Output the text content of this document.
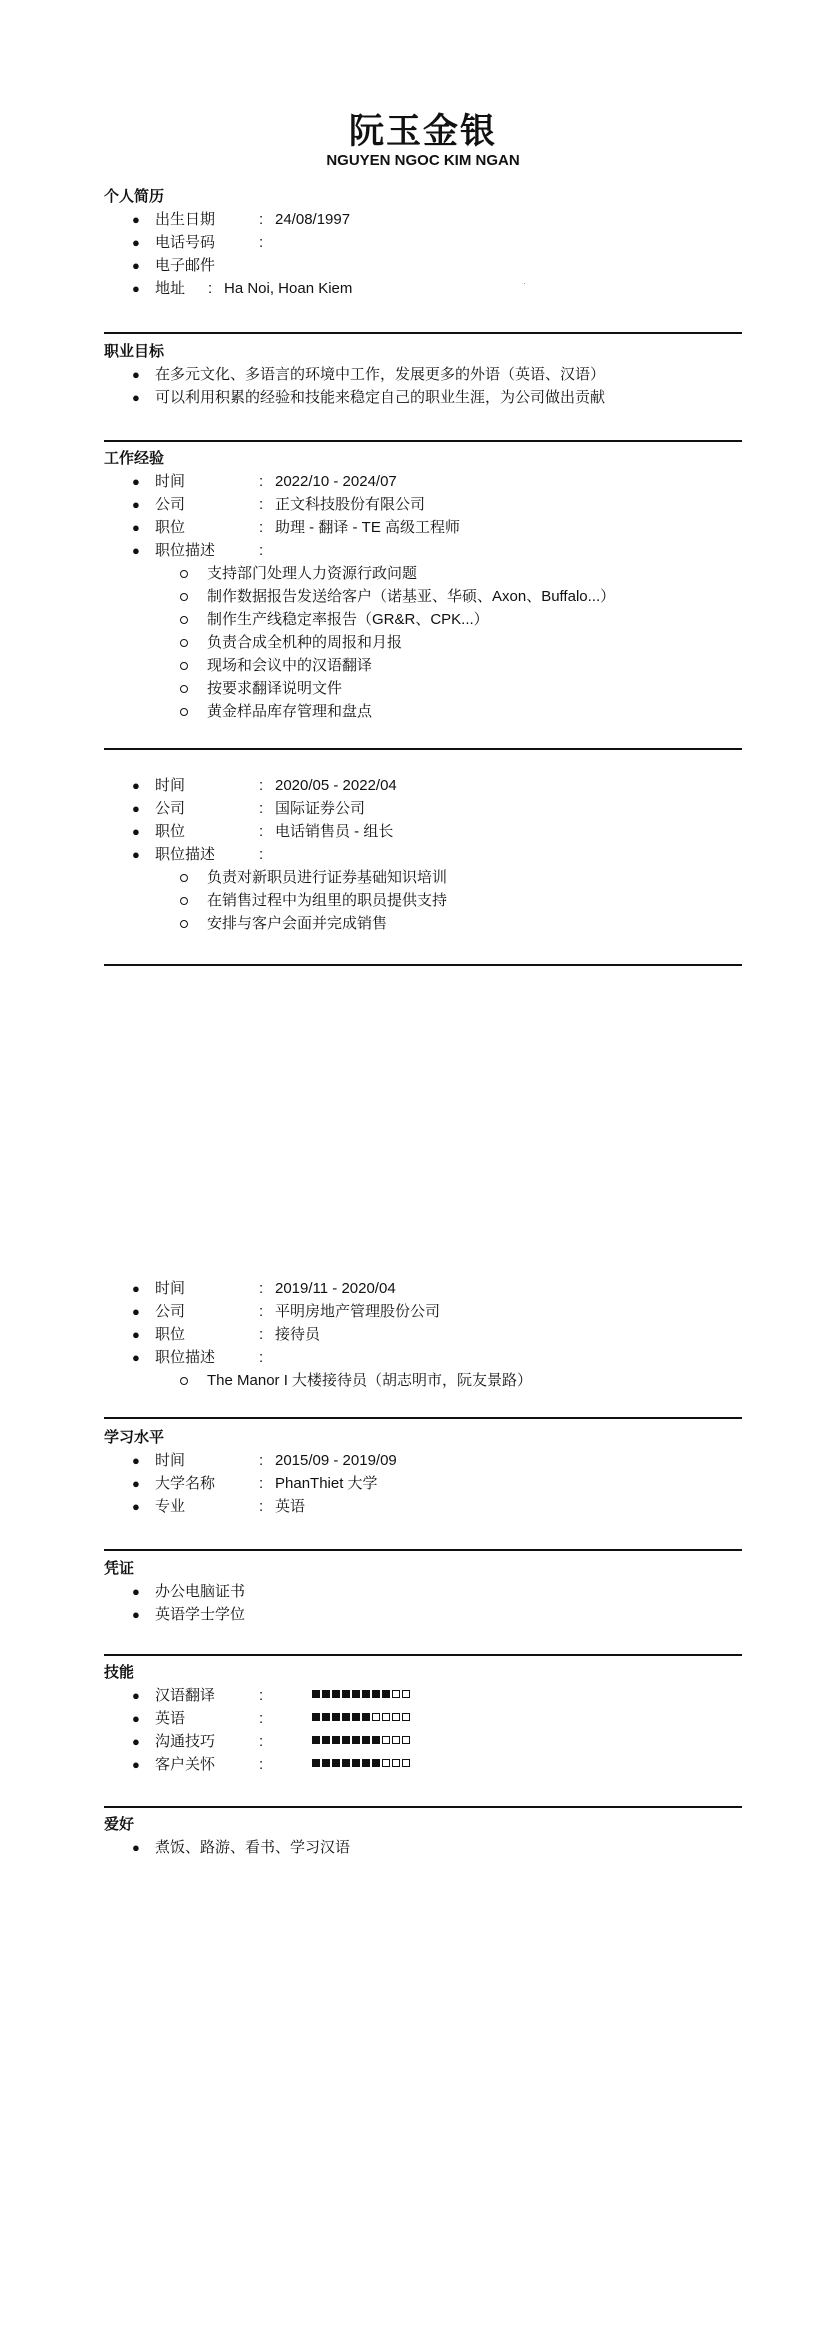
阮玉金银
NGUYEN NGOC KIM NGAN
个人简历
● 出生日期	: 24/08/1997
● 电话号码	:
● 电子邮件
● 地址 : Ha Noi, Hoan Kiem
职业目标
● 在多元文化、多语言的环境中工作，发展更多的外语（英语、汉语）
● 可以利用积累的经验和技能来稳定自己的职业生涯，为公司做出贡献
工作经验
● 时间	: 2022/10 - 2024/07
● 公司	: 正文科技股份有限公司
● 职位	: 助理 - 翻译 - TE 高级工程师
● 职位描述	:
支持部门处理人力资源行政问题
制作数据报告发送给客户（诺基亚、华硕、Axon、Buffalo...）
制作生产线稳定率报告（GR&R、CPK...）
负责合成全机种的周报和月报
现场和会议中的汉语翻译
按要求翻译说明文件
黄金样品库存管理和盘点
● 时间	: 2020/05 - 2022/04
● 公司	: 国际证券公司
● 职位	: 电话销售员 - 组长
● 职位描述	:
负责对新职员进行证券基础知识培训
在销售过程中为组里的职员提供支持
安排与客户会面并完成销售
● 时间	: 2019/11 - 2020/04
● 公司	: 平明房地产管理股份公司
● 职位	: 接待员
● 职位描述	:
The Manor I 大楼接待员（胡志明市，阮友景路）
学习水平
● 时间	: 2015/09 - 2019/09
● 大学名称	: PhanThiet 大学
● 专业	: 英语
凭证
● 办公电脑证书
● 英语学士学位
技能
● 汉语翻译	:
● 英语	:
● 沟通技巧	:
● 客户关怀	:
爱好
● 煮饭、路游、看书、学习汉语
